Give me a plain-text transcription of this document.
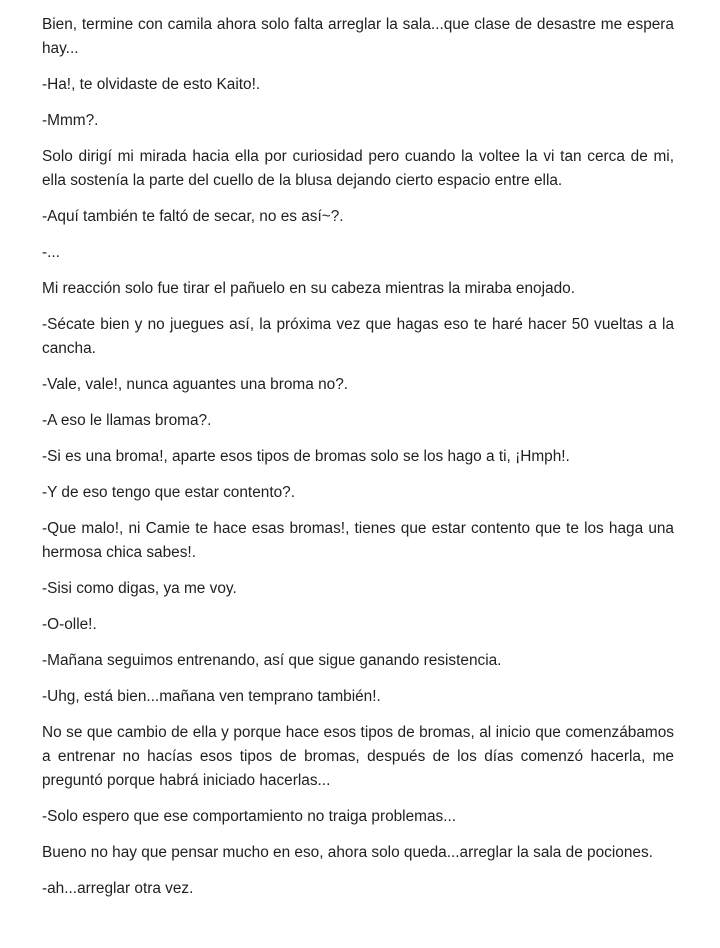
Bien, termine con camila ahora solo falta arreglar la sala...que clase de desastre me espera hay...

-Ha!, te olvidaste de esto Kaito!.

-Mmm?.

Solo dirigí mi mirada hacia ella por curiosidad pero cuando la voltee la vi tan cerca de mi, ella sostenía la parte del cuello de la blusa dejando cierto espacio entre ella.

-Aquí también te faltó de secar, no es así~?.

-...

Mi reacción solo fue tirar el pañuelo en su cabeza mientras la miraba enojado.

-Sécate bien y no juegues así, la próxima vez que hagas eso te haré hacer 50 vueltas a la cancha.

-Vale, vale!, nunca aguantes una broma no?.

-A eso le llamas broma?.

-Si es una broma!, aparte esos tipos de bromas solo se los hago a ti, ¡Hmph!.

-Y de eso tengo que estar contento?.

-Que malo!, ni Camie te hace esas bromas!, tienes que estar contento que te los haga una hermosa chica sabes!.

-Sisi como digas, ya me voy.

-O-olle!.

-Mañana seguimos entrenando, así que sigue ganando resistencia.

-Uhg, está bien...mañana ven temprano también!.

No se que cambio de ella y porque hace esos tipos de bromas, al inicio que comenzábamos a entrenar no hacías esos tipos de bromas, después de los días comenzó hacerla, me preguntó porque habrá iniciado hacerlas...

-Solo espero que ese comportamiento no traiga problemas...

Bueno no hay que pensar mucho en eso, ahora solo queda...arreglar la sala de pociones.

-ah...arreglar otra vez.
